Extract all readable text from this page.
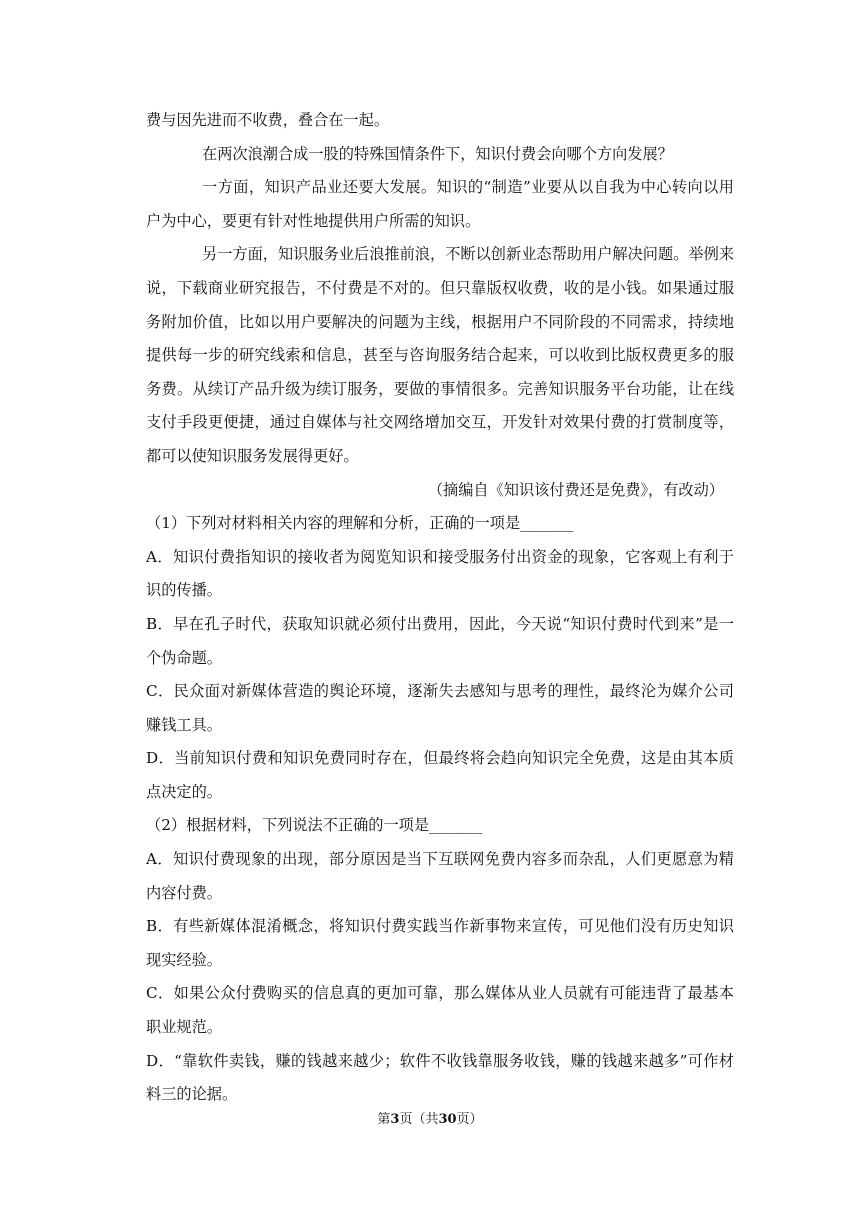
费与因先进而不收费，叠合在一起。
在两次浪潮合成一股的特殊国情条件下，知识付费会向哪个方向发展？
一方面，知识产品业还要大发展。知识的“制造”业要从以自我为中心转向以用
户为中心，要更有针对性地提供用户所需的知识。
另一方面，知识服务业后浪推前浪，不断以创新业态帮助用户解决问题。举例来
说，下载商业研究报告，不付费是不对的。但只靠版权收费，收的是小钱。如果通过服
务附加价值，比如以用户要解决的问题为主线，根据用户不同阶段的不同需求，持续地
提供每一步的研究线索和信息，甚至与咨询服务结合起来，可以收到比版权费更多的服
务费。从续订产品升级为续订服务，要做的事情很多。完善知识服务平台功能，让在线
支付手段更便捷，通过自媒体与社交网络增加交互，开发针对效果付费的打赏制度等，
都可以使知识服务发展得更好。
（摘编自《知识该付费还是免费》，有改动）
（1）下列对材料相关内容的理解和分析，正确的一项是_______
A．知识付费指知识的接收者为阅览知识和接受服务付出资金的现象，它客观上有利于
识的传播。
B．早在孔子时代，获取知识就必须付出费用，因此，今天说“知识付费时代到来”是一
个伪命题。
C．民众面对新媒体营造的舆论环境，逐渐失去感知与思考的理性，最终沦为媒介公司
赚钱工具。
D．当前知识付费和知识免费同时存在，但最终将会趋向知识完全免费，这是由其本质
点决定的。
（2）根据材料，下列说法不正确的一项是_______
A．知识付费现象的出现，部分原因是当下互联网免费内容多而杂乱，人们更愿意为精
内容付费。
B．有些新媒体混淆概念，将知识付费实践当作新事物来宣传，可见他们没有历史知识
现实经验。
C．如果公众付费购买的信息真的更加可靠，那么媒体从业人员就有可能违背了最基本
职业规范。
D．“靠软件卖钱，赚的钱越来越少；软件不收钱靠服务收钱，赚的钱越来越多”可作材
料三的论据。
第3页（共30页）
